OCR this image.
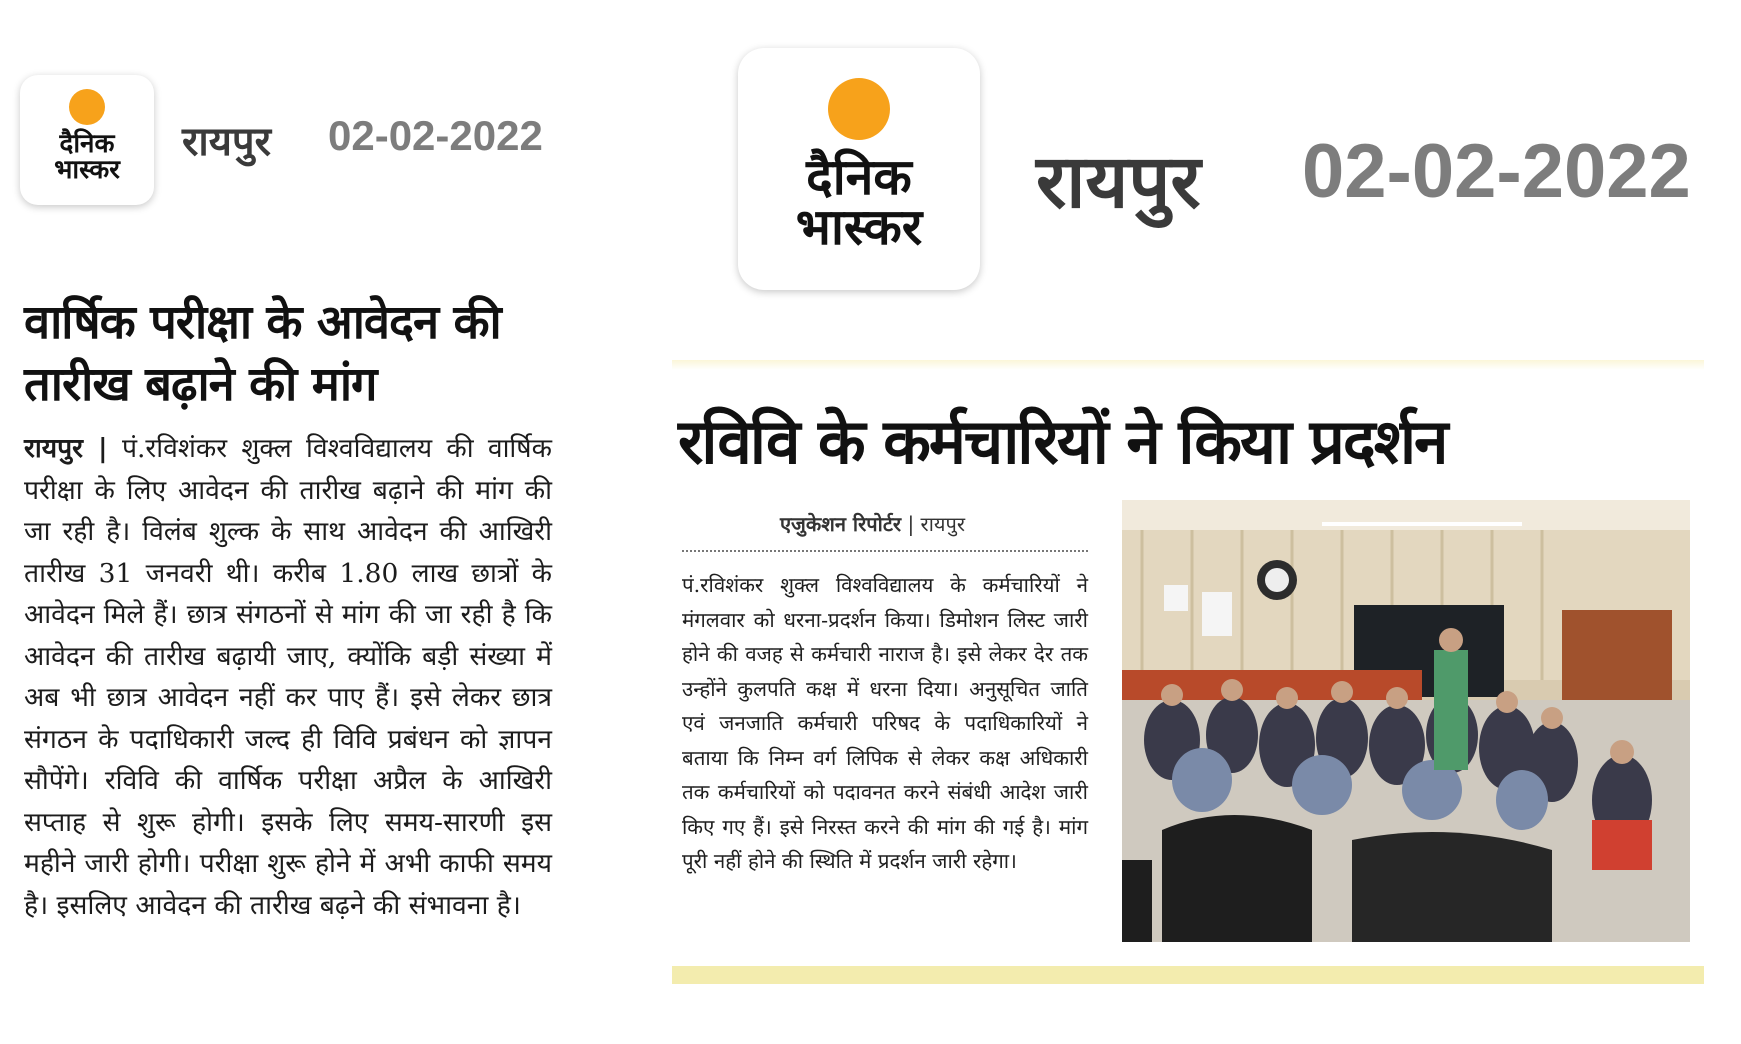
दैनिक
भास्कर
रायपुर 02-02-2022
दैनिक
भास्कर
रायपुर 02-02-2022
वार्षिक परीक्षा के आवेदन की तारीख बढ़ाने की मांग
रायपुर | पं.रविशंकर शुक्ल विश्वविद्यालय की वार्षिक परीक्षा के लिए आवेदन की तारीख बढ़ाने की मांग की जा रही है। विलंब शुल्क के साथ आवेदन की आखिरी तारीख 31 जनवरी थी। करीब 1.80 लाख छात्रों के आवेदन मिले हैं। छात्र संगठनों से मांग की जा रही है कि आवेदन की तारीख बढ़ायी जाए, क्योंकि बड़ी संख्या में अब भी छात्र आवेदन नहीं कर पाए हैं। इसे लेकर छात्र संगठन के पदाधिकारी जल्द ही विवि प्रबंधन को ज्ञापन सौपेंगे। रविवि की वार्षिक परीक्षा अप्रैल के आखिरी सप्ताह से शुरू होगी। इसके लिए समय-सारणी इस महीने जारी होगी। परीक्षा शुरू होने में अभी काफी समय है। इसलिए आवेदन की तारीख बढ़ने की संभावना है।
रविवि के कर्मचारियों ने किया प्रदर्शन
एजुकेशन रिपोर्टर | रायपुर
पं.रविशंकर शुक्ल विश्वविद्यालय के कर्मचारियों ने मंगलवार को धरना-प्रदर्शन किया। डिमोशन लिस्ट जारी होने की वजह से कर्मचारी नाराज है। इसे लेकर देर तक उन्होंने कुलपति कक्ष में धरना दिया। अनुसूचित जाति एवं जनजाति कर्मचारी परिषद के पदाधिकारियों ने बताया कि निम्न वर्ग लिपिक से लेकर कक्ष अधिकारी तक कर्मचारियों को पदावनत करने संबंधी आदेश जारी किए गए हैं। इसे निरस्त करने की मांग की गई है। मांग पूरी नहीं होने की स्थिति में प्रदर्शन जारी रहेगा।
